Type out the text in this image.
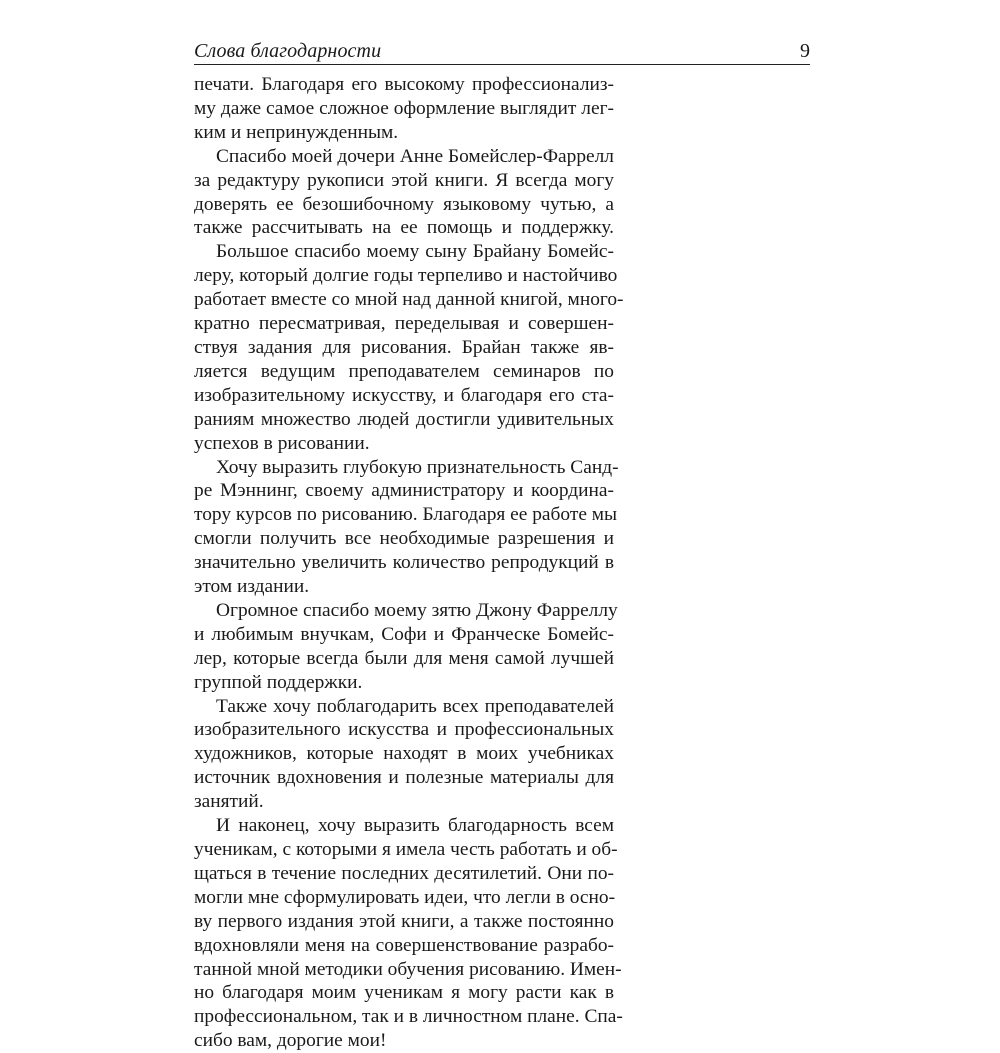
Слова благодарности	9
печати. Благодаря его высокому профессионализ-
му даже самое сложное оформление выглядит лег-
ким и непринужденным.
Спасибо моей дочери Анне Бомейслер-Фаррелл
за редактуру рукописи этой книги. Я всегда могу
доверять ее безошибочному языковому чутью, а
также рассчитывать на ее помощь и поддержку.
Большое спасибо моему сыну Брайану Бомейс-
леру, который долгие годы терпеливо и настойчиво
работает вместе со мной над данной книгой, много-
кратно пересматривая, переделывая и совершен-
ствуя задания для рисования. Брайан также яв-
ляется ведущим преподавателем семинаров по
изобразительному искусству, и благодаря его ста-
раниям множество людей достигли удивительных
успехов в рисовании.
Хочу выразить глубокую признательность Санд-
ре Мэннинг, своему администратору и координа-
тору курсов по рисованию. Благодаря ее работе мы
смогли получить все необходимые разрешения и
значительно увеличить количество репродукций в
этом издании.
Огромное спасибо моему зятю Джону Фарреллу
и любимым внучкам, Софи и Франческе Бомейс-
лер, которые всегда были для меня самой лучшей
группой поддержки.
Также хочу поблагодарить всех преподавателей
изобразительного искусства и профессиональных
художников, которые находят в моих учебниках
источник вдохновения и полезные материалы для
занятий.
И наконец, хочу выразить благодарность всем
ученикам, с которыми я имела честь работать и об-
щаться в течение последних десятилетий. Они по-
могли мне сформулировать идеи, что легли в осно-
ву первого издания этой книги, а также постоянно
вдохновляли меня на совершенствование разрабо-
танной мной методики обучения рисованию. Имен-
но благодаря моим ученикам я могу расти как в
профессиональном, так и в личностном плане. Спа-
сибо вам, дорогие мои!
